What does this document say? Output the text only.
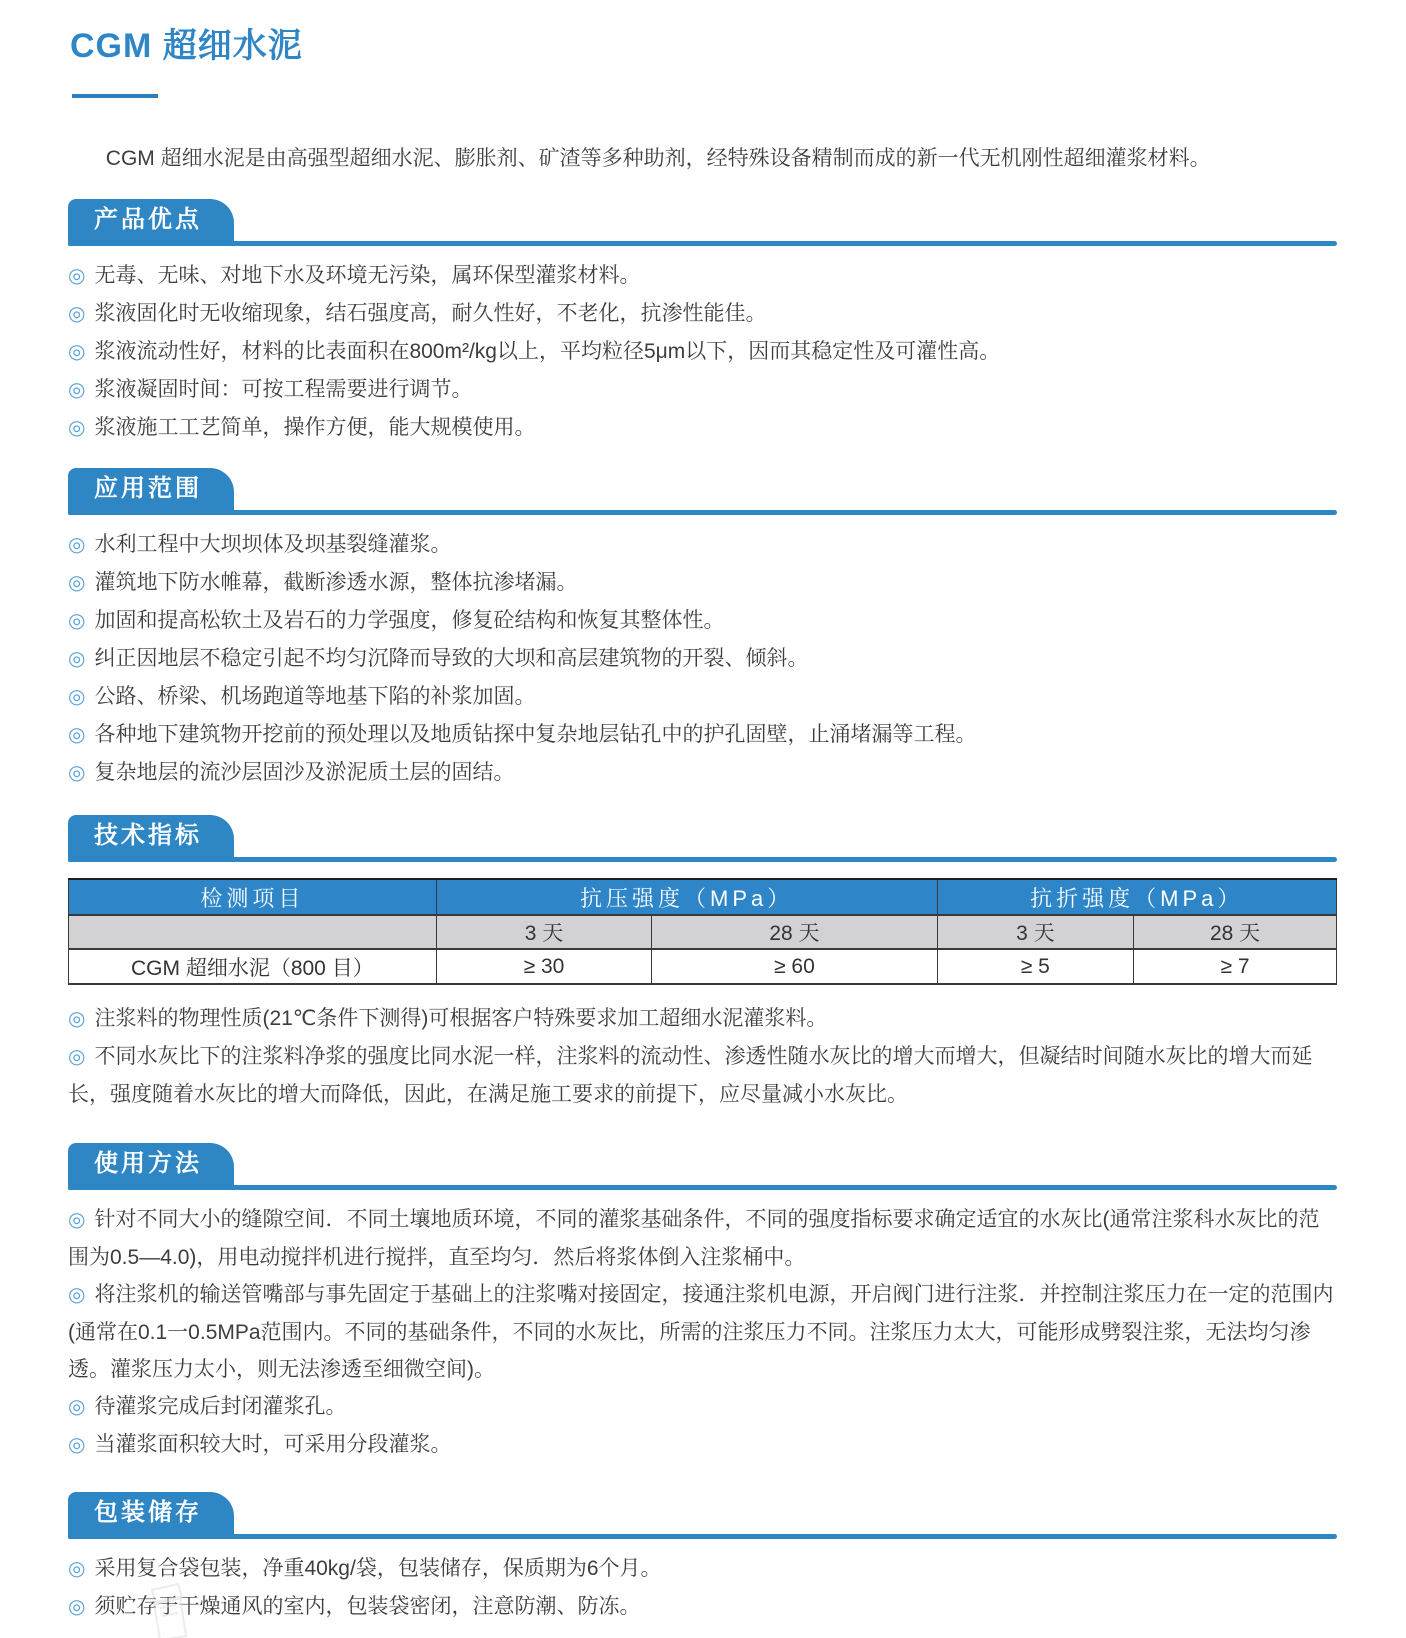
CGM 超细水泥

CGM 超细水泥是由高强型超细水泥、膨胀剂、矿渣等多种助剂，经特殊设备精制而成的新一代无机刚性超细灌浆材料。

产品优点

◎ 无毒、无味、对地下水及环境无污染，属环保型灌浆材料。

◎ 浆液固化时无收缩现象，结石强度高，耐久性好，不老化，抗渗性能佳。

◎ 浆液流动性好，材料的比表面积在800m²/kg以上，平均粒径5μm以下，因而其稳定性及可灌性高。

◎ 浆液凝固时间：可按工程需要进行调节。

◎ 浆液施工工艺简单，操作方便，能大规模使用。

应用范围

◎ 水利工程中大坝坝体及坝基裂缝灌浆。

◎ 灌筑地下防水帷幕，截断渗透水源，整体抗渗堵漏。

◎ 加固和提高松软土及岩石的力学强度，修复砼结构和恢复其整体性。

◎ 纠正因地层不稳定引起不均匀沉降而导致的大坝和高层建筑物的开裂、倾斜。

◎ 公路、桥梁、机场跑道等地基下陷的补浆加固。

◎ 各种地下建筑物开挖前的预处理以及地质钻探中复杂地层钻孔中的护孔固壁，止涌堵漏等工程。

◎ 复杂地层的流沙层固沙及淤泥质土层的固结。

技术指标
检测项目	抗压强度（MPa）		抗折强度（MPa）	
	3 天	28 天	3 天	28 天
CGM 超细水泥（800 目）	≥ 30	≥ 60	≥ 5	≥ 7

◎ 注浆料的物理性质(21℃条件下测得)可根据客户特殊要求加工超细水泥灌浆料。

◎ 不同水灰比下的注浆料净浆的强度比同水泥一样，注浆料的流动性、渗透性随水灰比的增大而增大，但凝结时间随水灰比的增大而延长，强度随着水灰比的增大而降低，因此，在满足施工要求的前提下，应尽量减小水灰比。

使用方法

◎ 针对不同大小的缝隙空间．不同土壤地质环境，不同的灌浆基础条件，不同的强度指标要求确定适宜的水灰比(通常注浆科水灰比的范围为0.5—4.0)，用电动搅拌机进行搅拌，直至均匀．然后将浆体倒入注浆桶中。

◎ 将注浆机的输送管嘴部与事先固定于基础上的注浆嘴对接固定，接通注浆机电源，开启阀门进行注浆．并控制注浆压力在一定的范围内(通常在0.1一0.5MPa范围内。不同的基础条件，不同的水灰比，所需的注浆压力不同。注浆压力太大，可能形成劈裂注浆，无法均匀渗透。灌浆压力太小，则无法渗透至细微空间)。

◎ 待灌浆完成后封闭灌浆孔。

◎ 当灌浆面积较大时，可采用分段灌浆。

包装储存

◎ 采用复合袋包装，净重40kg/袋，包装储存，保质期为6个月。

◎ 须贮存于干燥通风的室内，包装袋密闭，注意防潮、防冻。
